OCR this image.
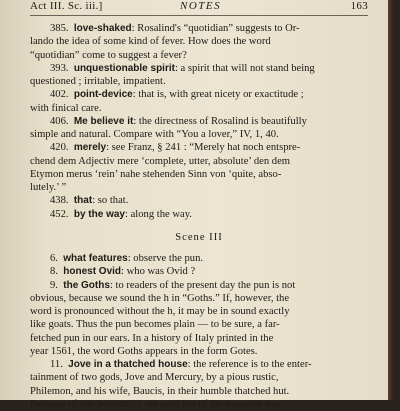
Act III. Sc. iii.]	NOTES	163
385.  love-shaked: Rosalind's “quotidian” suggests to Or-
lando the idea of some kind of fever. How does the word
“quotidian” come to suggest a fever?
393.  unquestionable spirit: a spirit that will not stand being
questioned ; irritable, impatient.
402.  point-device: that is, with great nicety or exactitude ;
with finical care.
406.  Me believe it: the directness of Rosalind is beautifully
simple and natural. Compare with “You a lover,” IV, 1, 40.
420.  merely: see Franz, § 241 : “Merely hat noch entspre-
chend dem Adjectiv mere ‘complete, utter, absolute’ den dem
Etymon merus ‘rein’ nahe stehenden Sinn von ‘quite, abso-
lutely.’ ”
438.  that: so that.
452.  by the way: along the way.
Scene III
6.  what features: observe the pun.
8.  honest Ovid: who was Ovid ?
9.  the Goths: to readers of the present day the pun is not
obvious, because we sound the h in “Goths.” If, however, the
word is pronounced without the h, it may be in sound exactly
like goats. Thus the pun becomes plain — to be sure, a far-
fetched pun in our ears. In a history of Italy printed in the
year 1561, the word Goths appears in the form Gotes.
11.  Jove in a thatched house: the reference is to the enter-
tainment of two gods, Jove and Mercury, by a pious rustic,
Philemon, and his wife, Baucis, in their humble thatched hut.
Because of this hospitality the poor hut of the peasants was
